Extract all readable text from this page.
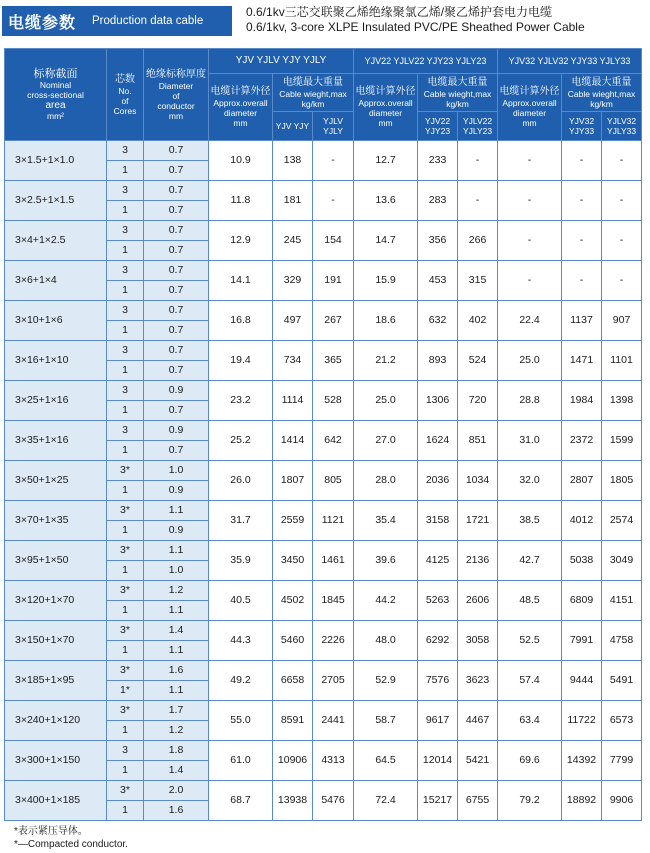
电缆参数 Production data cable
0.6/1kv三芯交联聚乙烯绝缘聚氯乙烯/聚乙烯护套电力电缆
0.6/1kv, 3-core XLPE Insulated PVC/PE Sheathed Power Cable
标称截面
Nominal
cross-sectional
area
mm²	芯数
No.
of
Cores	绝缘标称厚度
Diameter
of
conductor
mm	YJV YJLV YJY YJLY			YJV22 YJLV22 YJY23 YJLY23			YJV32 YJLV32 YJY33 YJLY33		

			电缆计算外径
Approx.overall diameter
mm	电缆最大重量
Cable wieght,max
kg/km		电缆计算外径
Approx.overall diameter
mm	电缆最大重量
Cable wieght,max
kg/km		电缆计算外径
Approx.overall diameter
mm	电缆最大重量
Cable wieght,max kg/km	
				YJV YJY	YJLV YJLY		YJV22 YJY23	YJLV22 YJLY23		YJV32 YJY33	YJLV32 YJLY33
3×1.5+1×1.0	3	0.7	10.9	138	-	12.7	233	-	-	-	-
	1	0.7									
3×2.5+1×1.5	3	0.7	11.8	181	-	13.6	283	-	-	-	-
	1	0.7									
3×4+1×2.5	3	0.7	12.9	245	154	14.7	356	266	-	-	-
	1	0.7									
3×6+1×4	3	0.7	14.1	329	191	15.9	453	315	-	-	-
	1	0.7									
3×10+1×6	3	0.7	16.8	497	267	18.6	632	402	22.4	1137	907
	1	0.7									
3×16+1×10	3	0.7	19.4	734	365	21.2	893	524	25.0	1471	1101
	1	0.7									
3×25+1×16	3	0.9	23.2	1114	528	25.0	1306	720	28.8	1984	1398
	1	0.7									
3×35+1×16	3	0.9	25.2	1414	642	27.0	1624	851	31.0	2372	1599
	1	0.7									
3×50+1×25	3*	1.0	26.0	1807	805	28.0	2036	1034	32.0	2807	1805
	1	0.9									
3×70+1×35	3*	1.1	31.7	2559	1121	35.4	3158	1721	38.5	4012	2574
	1	0.9									
3×95+1×50	3*	1.1	35.9	3450	1461	39.6	4125	2136	42.7	5038	3049
	1	1.0									
3×120+1×70	3*	1.2	40.5	4502	1845	44.2	5263	2606	48.5	6809	4151
	1	1.1									
3×150+1×70	3*	1.4	44.3	5460	2226	48.0	6292	3058	52.5	7991	4758
	1	1.1									
3×185+1×95	3*	1.6	49.2	6658	2705	52.9	7576	3623	57.4	9444	5491
	1*	1.1									
3×240+1×120	3*	1.7	55.0	8591	2441	58.7	9617	4467	63.4	11722	6573
	1	1.2									
3×300+1×150	3	1.8	61.0	10906	4313	64.5	12014	5421	69.6	14392	7799
	1	1.4									
3×400+1×185	3*	2.0	68.7	13938	5476	72.4	15217	6755	79.2	18892	9906
	1	1.6									
*表示紧压导体。
*—Compacted conductor.
